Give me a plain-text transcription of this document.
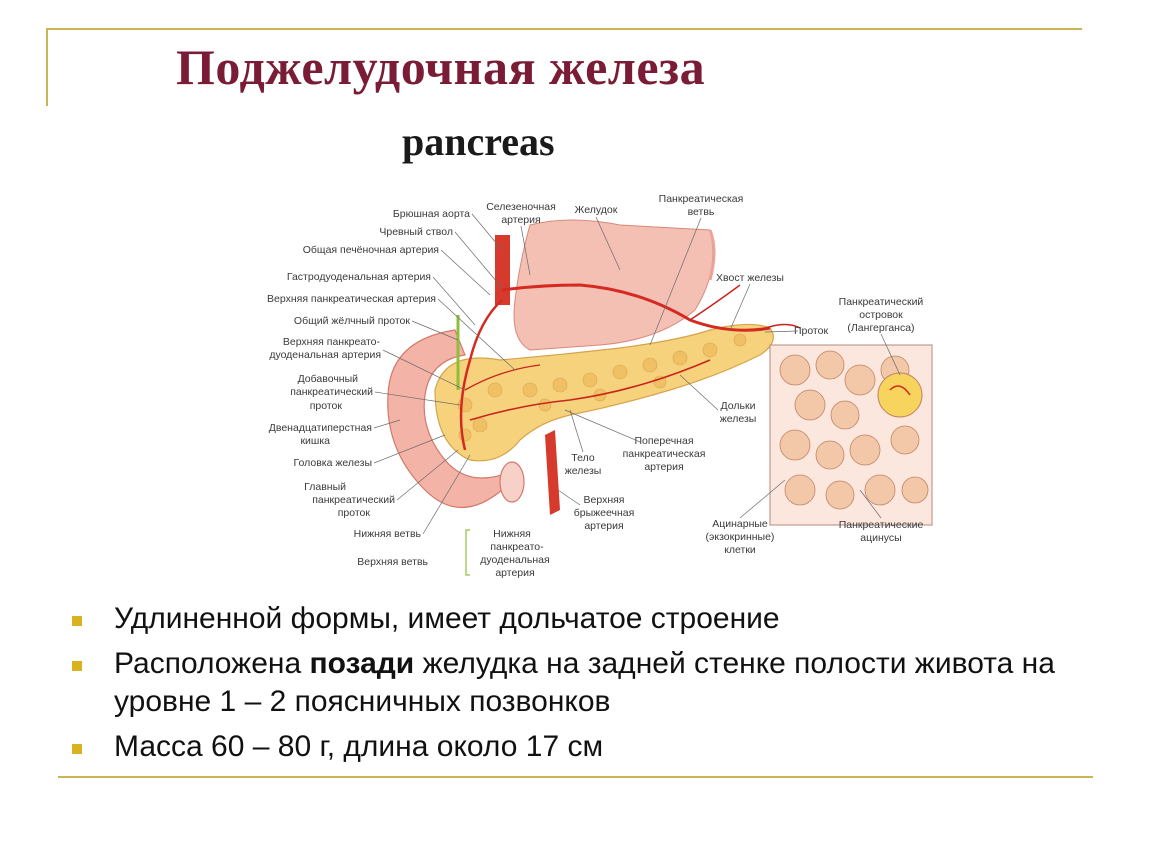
Поджелудочная железа
pancreas
Брюшная аорта
Чревный ствол
Общая печёночная артерия
Гастродуоденальная артерия
Верхняя панкреатическая артерия
Общий жёлчный проток
Верхняя панкреато-
дуоденальная артерия
Добавочный
панкреатический
проток
Двенадцатиперстная
кишка
Головка железы
Главный
панкреатический
проток
Нижняя ветвь
Верхняя ветвь
Нижняя
панкреато-
дуоденальная
артерия
Селезеночная
артерия
Желудок
Панкреатическая
ветвь
Хвост железы
Проток
Дольки
железы
Поперечная
панкреатическая
артерия
Тело
железы
Верхняя
брыжеечная
артерия
Панкреатический
островок
(Лангерганса)
Ацинарные
(экзокринные)
клетки
Панкреатические
ацинусы
Удлиненной формы, имеет дольчатое строение
Расположена позади желудка на задней стенке полости живота на уровне 1 – 2 поясничных позвонков
Масса 60 – 80 г, длина около 17 см
